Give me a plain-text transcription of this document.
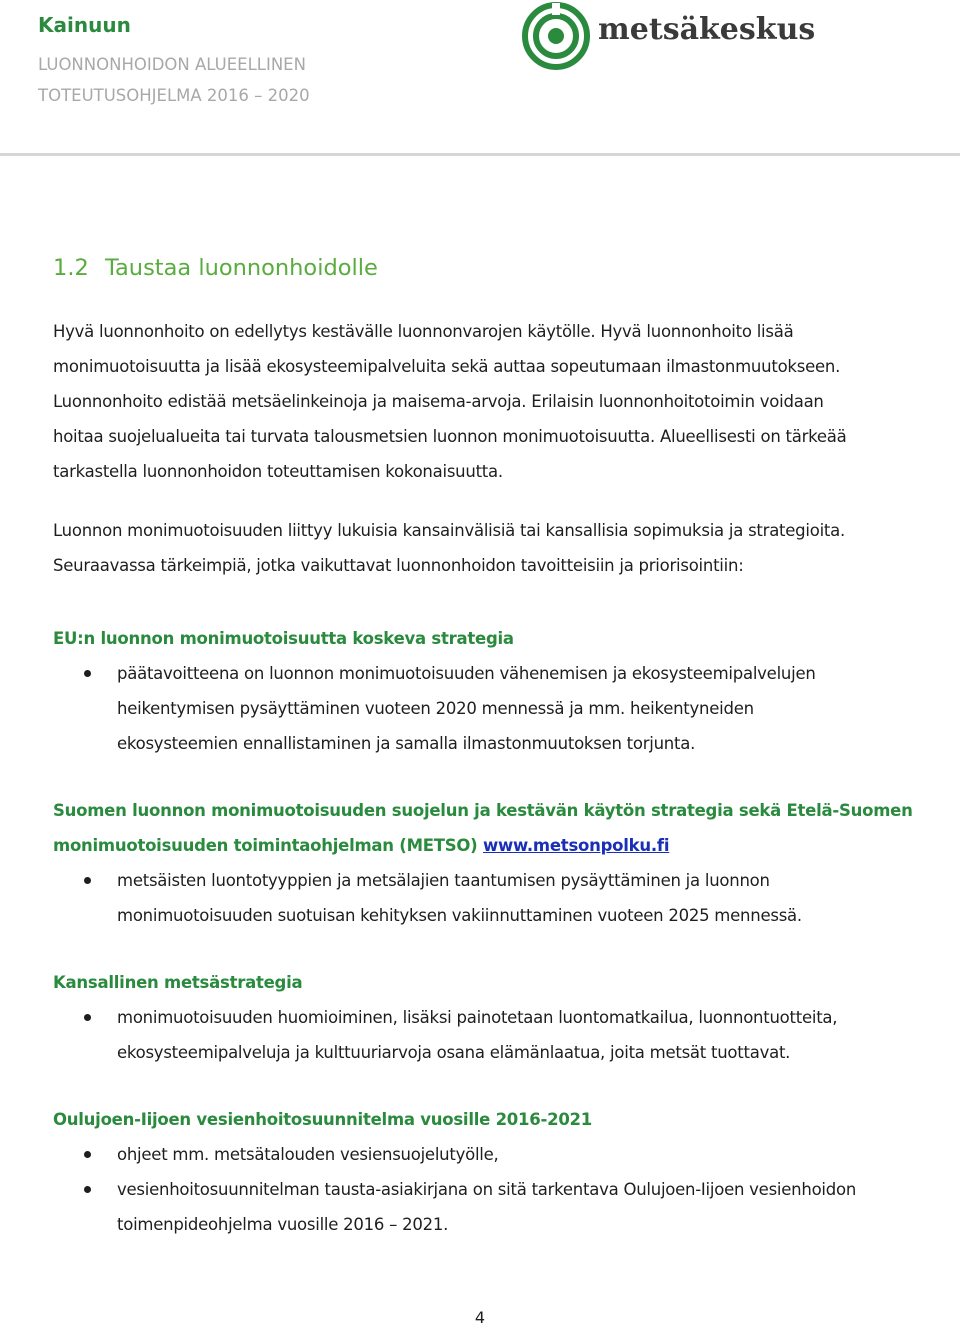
Kainuun
LUONNONHOIDON ALUEELLINEN
TOTEUTUSOHJELMA 2016 – 2020
metsäkeskus
1.2 Taustaa luonnonhoidolle

Hyvä luonnonhoito on edellytys kestävälle luonnonvarojen käytölle. Hyvä luonnonhoito lisää

monimuotoisuutta ja lisää ekosysteemipalveluita sekä auttaa sopeutumaan ilmastonmuutokseen.

Luonnonhoito edistää metsäelinkeinoja ja maisema-arvoja. Erilaisin luonnonhoitotoimin voidaan

hoitaa suojelualueita tai turvata talousmetsien luonnon monimuotoisuutta. Alueellisesti on tärkeää

tarkastella luonnonhoidon toteuttamisen kokonaisuutta.

Luonnon monimuotoisuuden liittyy lukuisia kansainvälisiä tai kansallisia sopimuksia ja strategioita.

Seuraavassa tärkeimpiä, jotka vaikuttavat luonnonhoidon tavoitteisiin ja priorisointiin:

EU:n luonnon monimuotoisuutta koskeva strategia

päätavoitteena on luonnon monimuotoisuuden vähenemisen ja ekosysteemipalvelujen
heikentymisen pysäyttäminen vuoteen 2020 mennessä ja mm. heikentyneiden
ekosysteemien ennallistaminen ja samalla ilmastonmuutoksen torjunta.

Suomen luonnon monimuotoisuuden suojelun ja kestävän käytön strategia sekä Etelä-Suomen

monimuotoisuuden toimintaohjelman (METSO) www.metsonpolku.fi

metsäisten luontotyyppien ja metsälajien taantumisen pysäyttäminen ja luonnon
monimuotoisuuden suotuisan kehityksen vakiinnuttaminen vuoteen 2025 mennessä.

Kansallinen metsästrategia

monimuotoisuuden huomioiminen, lisäksi painotetaan luontomatkailua, luonnontuotteita,
ekosysteemipalveluja ja kulttuuriarvoja osana elämänlaatua, joita metsät tuottavat.

Oulujoen-Iijoen vesienhoitosuunnitelma vuosille 2016-2021

ohjeet mm. metsätalouden vesiensuojelutyölle,
vesienhoitosuunnitelman tausta-asiakirjana on sitä tarkentava Oulujoen-Iijoen vesienhoidon
toimenpideohjelma vuosille 2016 – 2021.
4
